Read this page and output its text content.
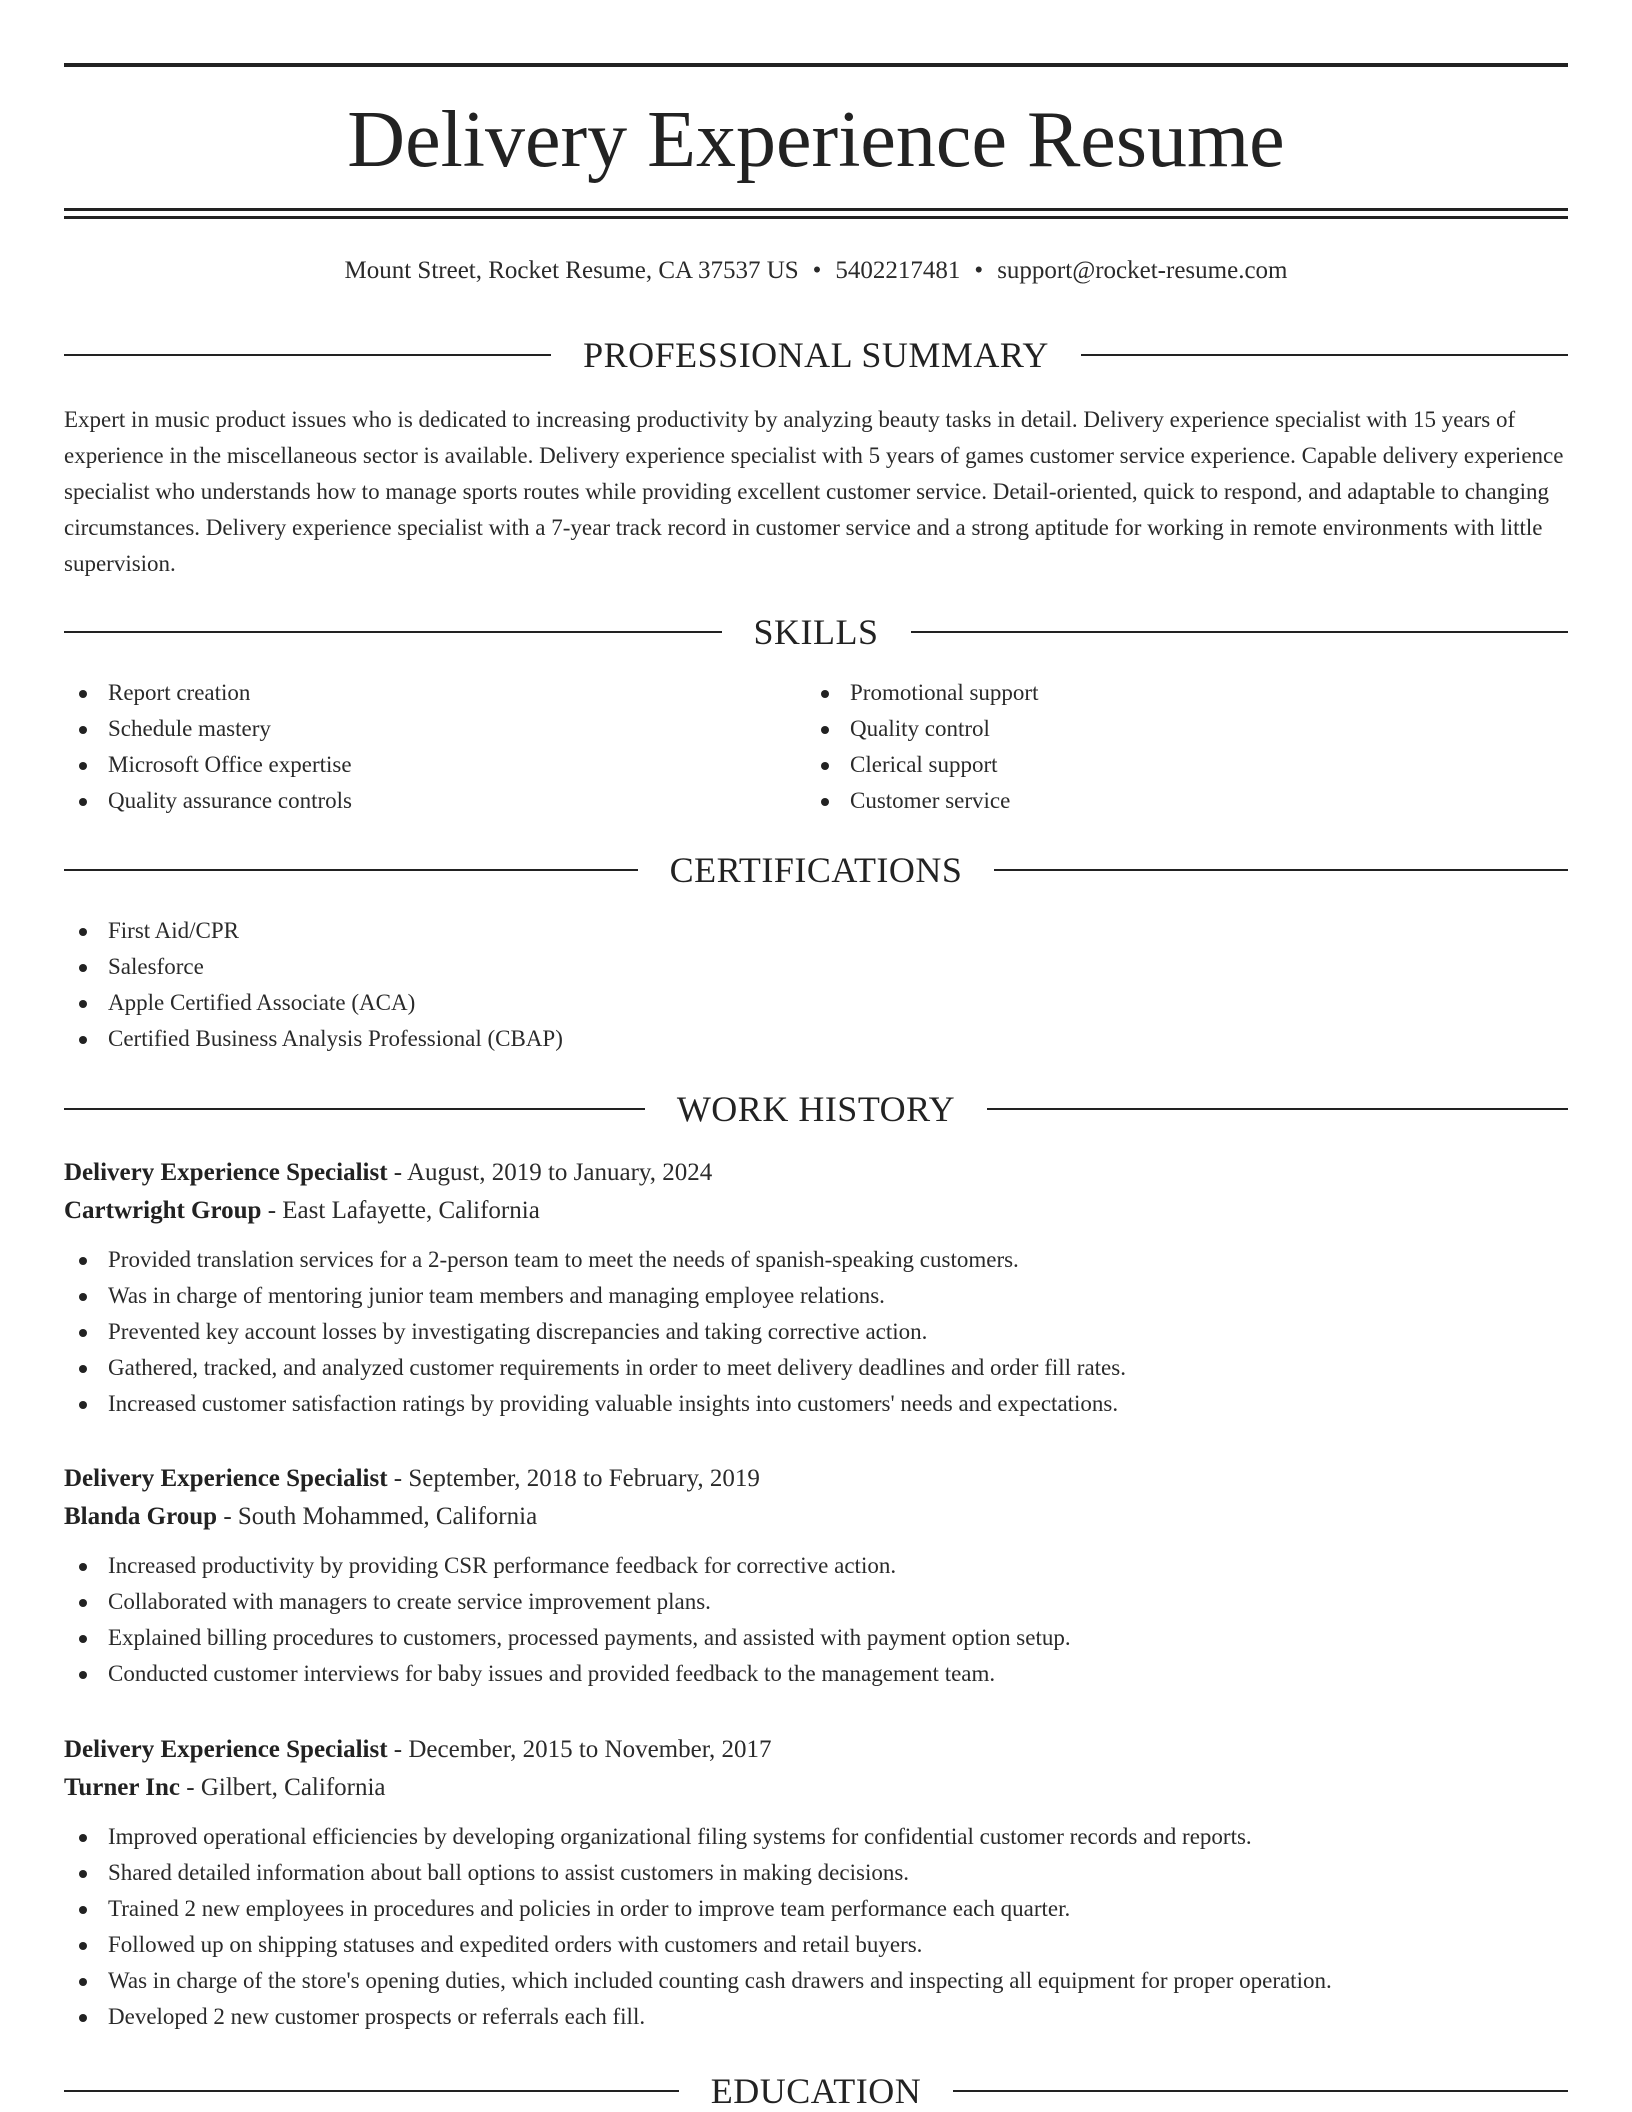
Delivery Experience Resume
Mount Street, Rocket Resume, CA 37537 US • 5402217481 • support@rocket-resume.com
PROFESSIONAL SUMMARY
Expert in music product issues who is dedicated to increasing productivity by analyzing beauty tasks in detail. Delivery experience specialist with 15 years of experience in the miscellaneous sector is available. Delivery experience specialist with 5 years of games customer service experience. Capable delivery experience specialist who understands how to manage sports routes while providing excellent customer service. Detail-oriented, quick to respond, and adaptable to changing circumstances. Delivery experience specialist with a 7-year track record in customer service and a strong aptitude for working in remote environments with little supervision.
SKILLS
Report creation
Schedule mastery
Microsoft Office expertise
Quality assurance controls
Promotional support
Quality control
Clerical support
Customer service
CERTIFICATIONS
First Aid/CPR
Salesforce
Apple Certified Associate (ACA)
Certified Business Analysis Professional (CBAP)
WORK HISTORY
Delivery Experience Specialist - August, 2019 to January, 2024
Cartwright Group - East Lafayette, California
Provided translation services for a 2-person team to meet the needs of spanish-speaking customers.
Was in charge of mentoring junior team members and managing employee relations.
Prevented key account losses by investigating discrepancies and taking corrective action.
Gathered, tracked, and analyzed customer requirements in order to meet delivery deadlines and order fill rates.
Increased customer satisfaction ratings by providing valuable insights into customers' needs and expectations.
Delivery Experience Specialist - September, 2018 to February, 2019
Blanda Group - South Mohammed, California
Increased productivity by providing CSR performance feedback for corrective action.
Collaborated with managers to create service improvement plans.
Explained billing procedures to customers, processed payments, and assisted with payment option setup.
Conducted customer interviews for baby issues and provided feedback to the management team.
Delivery Experience Specialist - December, 2015 to November, 2017
Turner Inc - Gilbert, California
Improved operational efficiencies by developing organizational filing systems for confidential customer records and reports.
Shared detailed information about ball options to assist customers in making decisions.
Trained 2 new employees in procedures and policies in order to improve team performance each quarter.
Followed up on shipping statuses and expedited orders with customers and retail buyers.
Was in charge of the store's opening duties, which included counting cash drawers and inspecting all equipment for proper operation.
Developed 2 new customer prospects or referrals each fill.
EDUCATION
